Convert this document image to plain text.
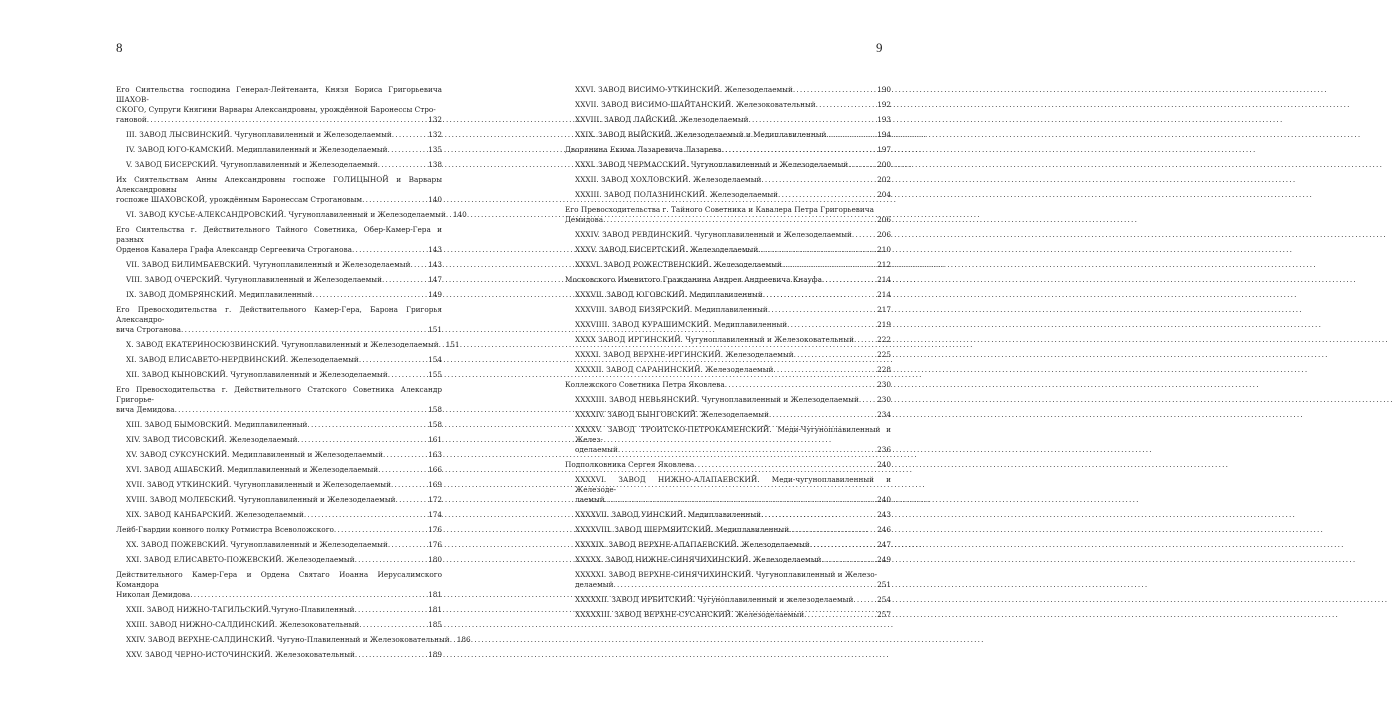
8	9
Его Сиятельства господина Генерал-Лейтенанта, Князя Бориса Григорьевича ШАХОВ-
СКОГО, Супруги Княгини Варвары Александровны, урождённой Баронессы Стро-
гановой .....	132
III. ЗАВОД ЛЫСВИНСКИЙ. Чугуноплавиленный и Железоделаемый .....	132
IV. ЗАВОД ЮГО-КАМСКИЙ. Медиплавиленный и Железоделаемый .....	135
V. ЗАВОД БИСЕРСКИЙ. Чугуноплавиленный и Железоделаемый .....	138
Их Сиятельствам Анны Александровны госпоже ГОЛИЦЫНОЙ и Варвары Александровны
госпоже ШАХОВСКОЙ, урождённым Баронессам Строгановым .....	140
VI. ЗАВОД КУСЬЕ-АЛЕКСАНДРОВСКИЙ. Чугуноплавиленный и Железоделаемый ..... 140
Его Сиятельства г. Действительного Тайного Советника, Обер-Камер-Гера и разных
Орденов Кавалера Графа Александр Сергеевича Строганова .....	143
VII. ЗАВОД БИЛИМБАЕВСКИЙ. Чугуноплавиленный и Железоделаемый ..... 143
VIII. ЗАВОД ОЧЕРСКИЙ. Чугуноплавиленный и Железоделаемый .....	147
IX. ЗАВОД ДОМБРЯНСКИЙ. Медиплавиленный .....	149
Его Превосходительства г. Действительного Камер-Гера, Барона Григорья Александро-
вича Строганова .....	151
X. ЗАВОД ЕКАТЕРИНОСЮЗВИНСКИЙ. Чугуноплавиленный и Железоделаемый ..... 151
XI. ЗАВОД ЕЛИСАВЕТО-НЕРДВИНСКИЙ. Железоделаемый .....	154
XII. ЗАВОД КЫНОВСКИЙ. Чугуноплавиленный и Железоделаемый .....	155
Его Превосходительства г. Действительного Статского Советника Александр Григорье-
вича Демидова .....	158
XIII. ЗАВОД БЫМОВСКИЙ. Медиплавиленный .....	158
XIV. ЗАВОД ТИСОВСКИЙ. Железоделаемый .....	161
XV. ЗАВОД СУКСУНСКИЙ. Медиплавиленный и Железоделаемый .....	163
XVI. ЗАВОД АШАБСКИЙ. Медиплавиленный и Железоделаемый .....	166
XVII. ЗАВОД УТКИНСКИЙ. Чугуноплавиленный и Железоделаемый .....	169
XVIII. ЗАВОД МОЛЕБСКИЙ. Чугуноплавиленный и Железоделаемый .....	172
XIX. ЗАВОД КАНБАРСКИЙ. Железоделаемый .....	174
Лейб-Гвардии конного полку Ротмистра Всеволожского .....	176
XX. ЗАВОД ПОЖЕВСКИЙ. Чугуноплавиленный и Железоделаемый .....	176
XXI. ЗАВОД ЕЛИСАВЕТО-ПОЖЕВСКИЙ. Железоделаемый .....	180
Действительного Камер-Гера и Ордена Святаго Иоанна Иерусалимского Командора
Николая Демидова .....	181
XXII. ЗАВОД НИЖНО-ТАГИЛЬСКИЙ.Чугуно-Плавиленный .....	181
XXIII. ЗАВОД НИЖНО-САЛДИНСКИЙ. Железоковательный .....	185
XXIV. ЗАВОД ВЕРХНЕ-САЛДИНСКИЙ. Чугуно-Плавиленный и Железоковательный ..... 186
XXV. ЗАВОД ЧЕРНО-ИСТОЧИНСКИЙ. Железоковательный .....	189
XXVI. ЗАВОД ВИСИМО-УТКИНСКИЙ. Железоделаемый .....	190
XXVII. ЗАВОД ВИСИМО-ШАЙТАНСКИЙ. Железоковательный .....	192
XXVIII. ЗАВОД ЛАЙСКИЙ. Железоделаемый .....	193
XXIX. ЗАВОД ВЫЙСКИЙ. Железоделаемый и Медиплавиленный .....	194
Дворянина Екима Лазаревича Лазарева .....	197
XXXI. ЗАВОД ЧЕРМАССКИЙ. Чугуноплавиленный и Железоделаемый .....	200
XXXII. ЗАВОД ХОХЛОВСКИЙ. Железоделаемый .....	202
XXXIII. ЗАВОД ПОЛАЗНИНСКИЙ. Железоделаемый .....	204
Его Превосходительства г. Тайного Советника и Кавалера Петра Григорьевича
Демидова .....	206
XXXIV. ЗАВОД РЕВДИНСКИЙ. Чугуноплавиленный и Железоделаемый .....	206
XXXV. ЗАВОД БИСЕРТСКИЙ. Железоделаемый .....	210
XXXVI. ЗАВОД РОЖЕСТВЕНСКИЙ. Железоделаемый .....	212
Московского Именитого Гражданина Андрея Андреевича Кнауфа .....	214
XXXVII. ЗАВОД ЮГОВСКИЙ. Медиплавиленный .....	214
XXXVIII. ЗАВОД БИЗЯРСКИЙ. Медиплавиленный .....	217
XXXVIIII. ЗАВОД КУРАШИМСКИЙ. Медиплавиленный .....	219
XXXX ЗАВОД ИРГИНСКИЙ. Чугуноплавиленный и Железоковательный .....	222
XXXXI. ЗАВОД ВЕРХНЕ-ИРГИНСКИЙ. Железоделаемый .....	225
XXXXII. ЗАВОД САРАНИНСКИЙ. Железоделаемый .....	228
Коллежского Советника Петра Яковлева .....	230
XXXXIII. ЗАВОД НЕВЬЯНСКИЙ. Чугуноплавиленный и Железоделаемый ..... 230
XXXXIV. ЗАВОД БЫНГОВСКИЙ. Железоделаемый .....	234
XXXXV. ЗАВОД ТРОИТСКО-ПЕТРОКАМЕНСКИЙ. Меди-Чугуноплавиленный и Желез-
оделаемый .....	236
Подполковника Сергея Яковлева .....	240
XXXXVI. ЗАВОД НИЖНО-АЛАПАЕВСКИЙ. Меди-чугуноплавиленный и Железоде-
лаемый .....	240
XXXXVII. ЗАВОД УИНСКИЙ. Медиплавиленный .....	243
XXXXVIII. ЗАВОД ШЕРМЯИТСКИЙ. Медиплавиленный .....	246
XXXXIX. ЗАВОД ВЕРХНЕ-АЛАПАЕВСКИЙ. Железоделаемый .....	247
XXXXX. ЗАВОД НИЖНЕ-СИНЯЧИХИНСКИЙ. Железоделаемый .....	249
XXXXXI. ЗАВОД ВЕРХНЕ-СИНЯЧИХИНСКИЙ. Чугуноплавиленный и Железо-
делаемый .....	251
XXXXXII. ЗАВОД ИРБИТСКИЙ. Чугуноплавиленный и железоделаемый .....	254
XXXXXIII. ЗАВОД ВЕРХНЕ-СУСАНСКИЙ. Железоделаемый .....	257
